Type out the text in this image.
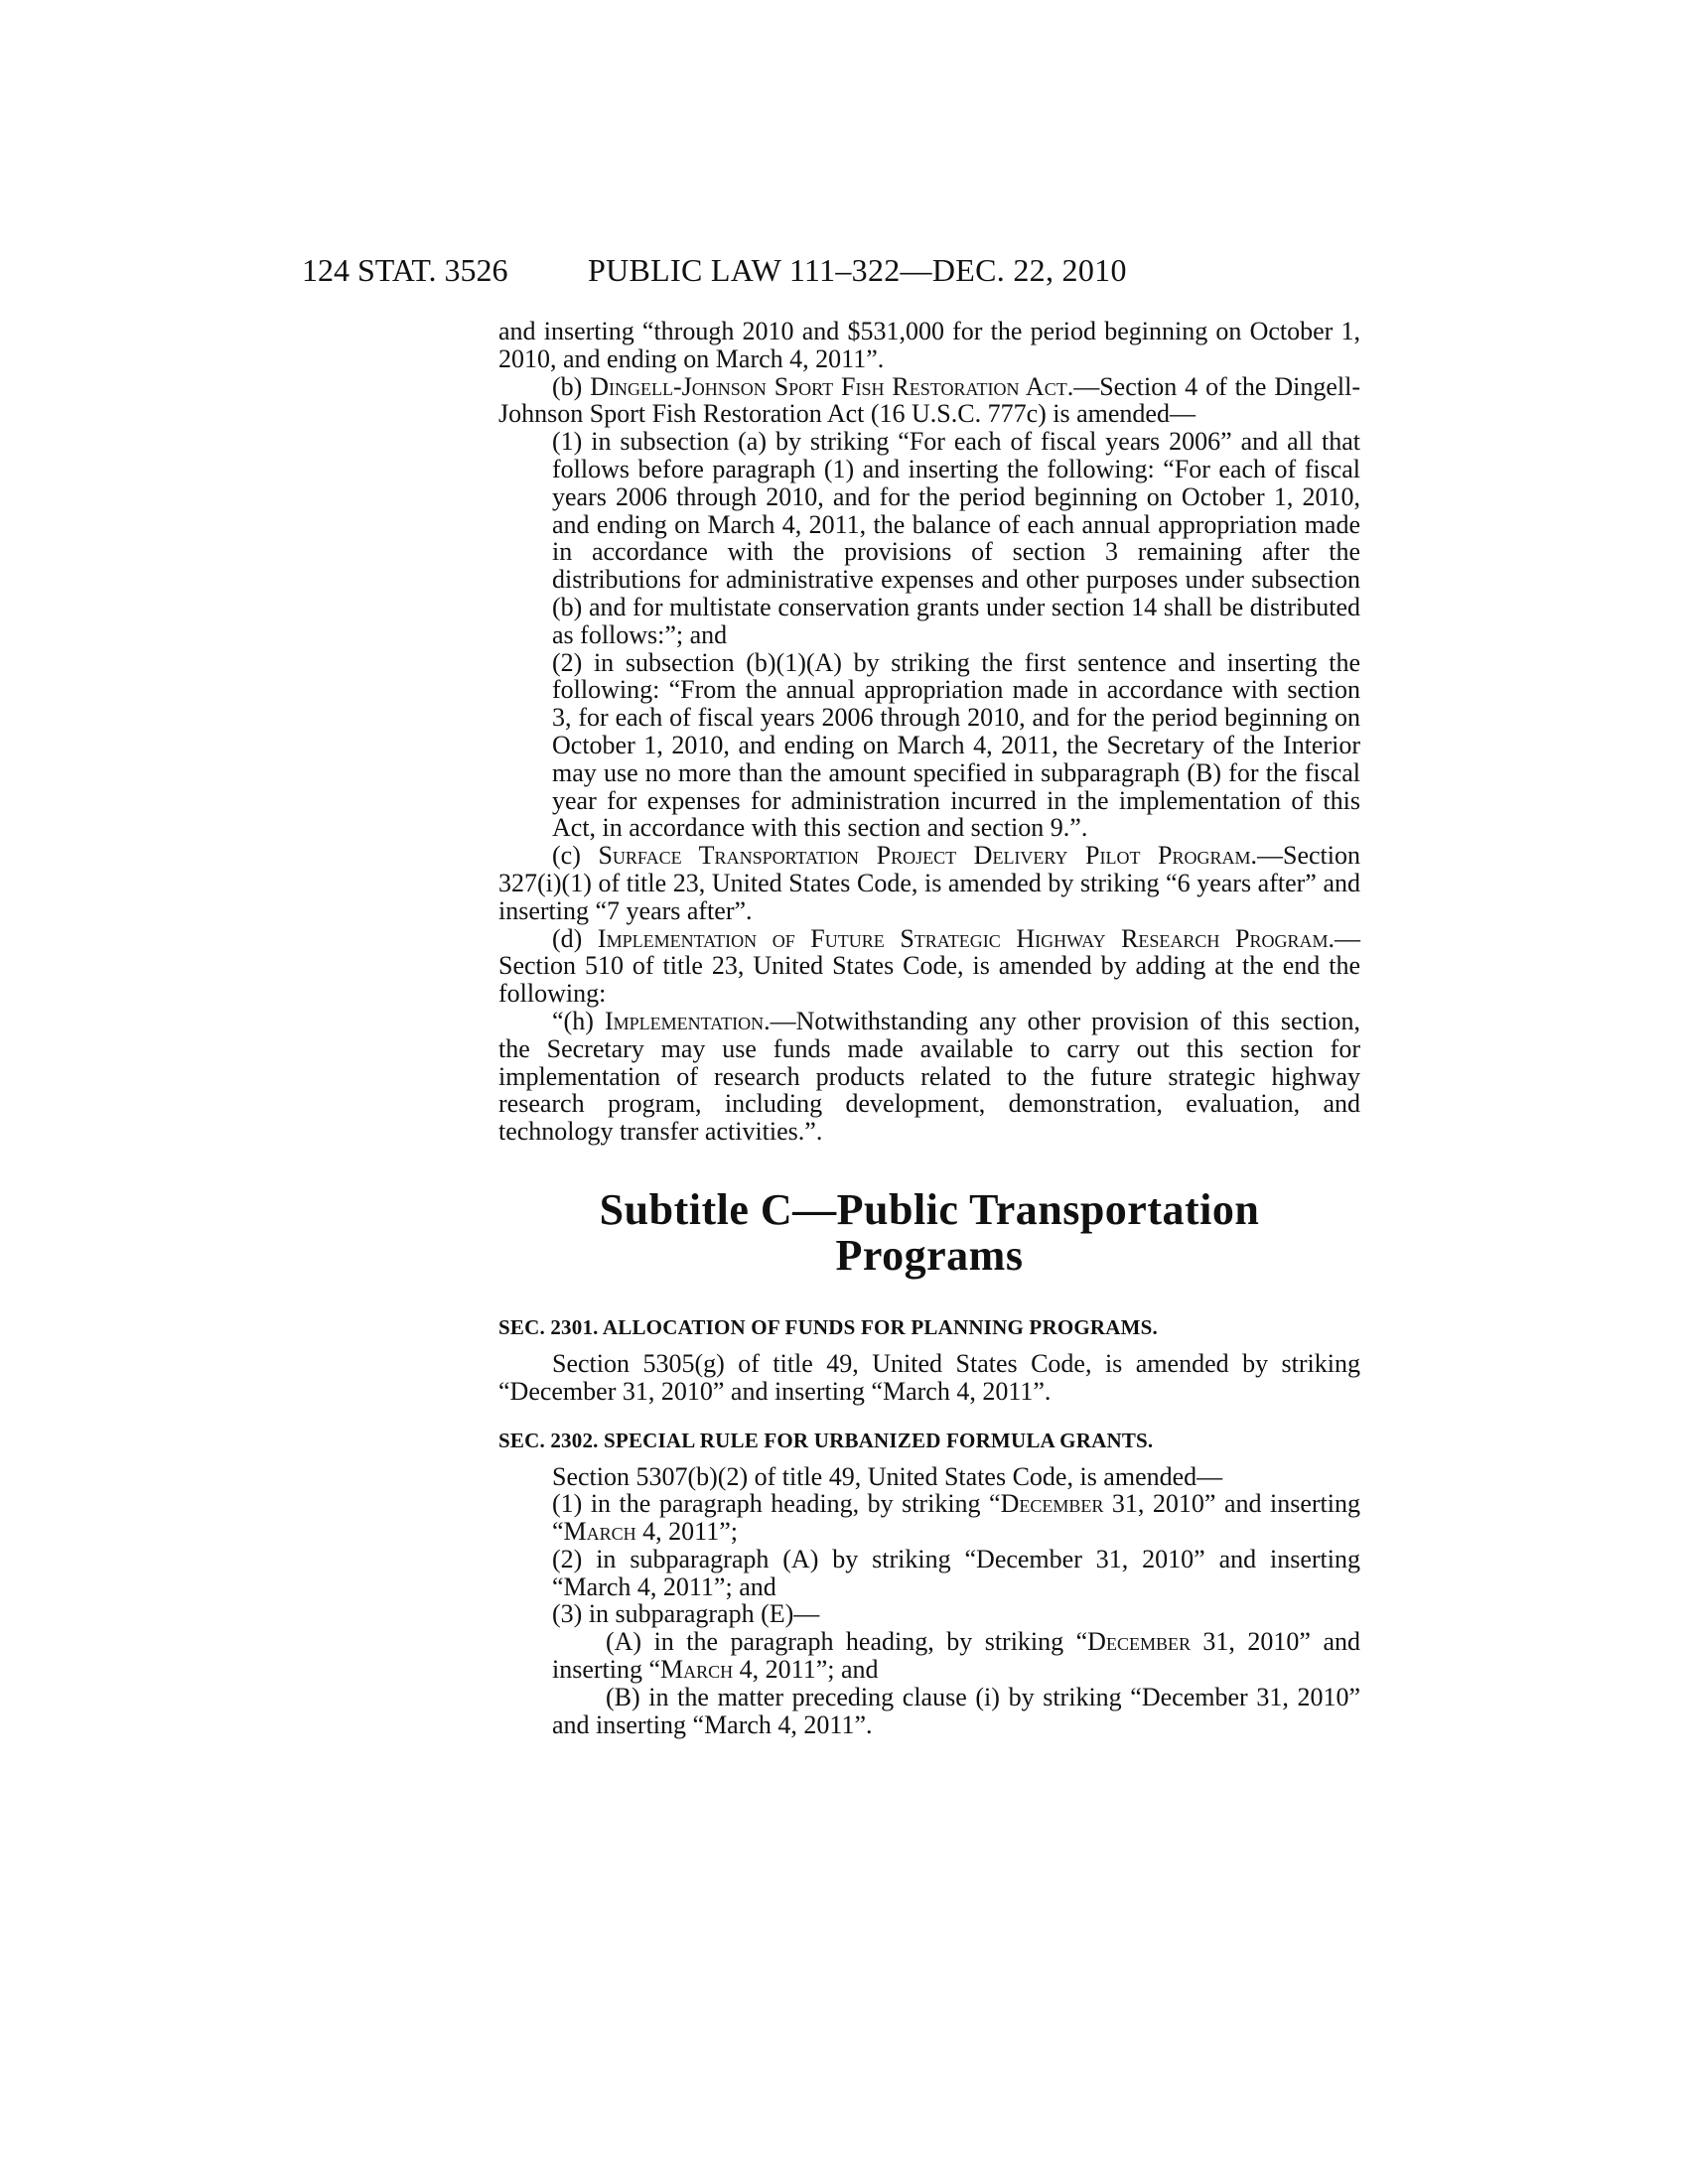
124 STAT. 3526	PUBLIC LAW 111–322—DEC. 22, 2010

and inserting “through 2010 and $531,000 for the period beginning on October 1, 2010, and ending on March 4, 2011”.

(b) Dingell-Johnson Sport Fish Restoration Act.—Section 4 of the Dingell-Johnson Sport Fish Restoration Act (16 U.S.C. 777c) is amended—

(1) in subsection (a) by striking “For each of fiscal years 2006” and all that follows before paragraph (1) and inserting the following: “For each of fiscal years 2006 through 2010, and for the period beginning on October 1, 2010, and ending on March 4, 2011, the balance of each annual appropriation made in accordance with the provisions of section 3 remaining after the distributions for administrative expenses and other purposes under subsection (b) and for multistate conservation grants under section 14 shall be distributed as follows:”; and

(2) in subsection (b)(1)(A) by striking the first sentence and inserting the following: “From the annual appropriation made in accordance with section 3, for each of fiscal years 2006 through 2010, and for the period beginning on October 1, 2010, and ending on March 4, 2011, the Secretary of the Interior may use no more than the amount specified in subparagraph (B) for the fiscal year for expenses for administration incurred in the implementation of this Act, in accordance with this section and section 9.”.

(c) Surface Transportation Project Delivery Pilot Program.—Section 327(i)(1) of title 23, United States Code, is amended by striking “6 years after” and inserting “7 years after”.

(d) Implementation of Future Strategic Highway Research Program.—Section 510 of title 23, United States Code, is amended by adding at the end the following:

“(h) Implementation.—Notwithstanding any other provision of this section, the Secretary may use funds made available to carry out this section for implementation of research products related to the future strategic highway research program, including development, demonstration, evaluation, and technology transfer activities.”.

Subtitle C—Public Transportation
Programs
SEC. 2301. ALLOCATION OF FUNDS FOR PLANNING PROGRAMS.

Section 5305(g) of title 49, United States Code, is amended by striking “December 31, 2010” and inserting “March 4, 2011”.

SEC. 2302. SPECIAL RULE FOR URBANIZED FORMULA GRANTS.

Section 5307(b)(2) of title 49, United States Code, is amended—

(1) in the paragraph heading, by striking “December 31, 2010” and inserting “March 4, 2011”;

(2) in subparagraph (A) by striking “December 31, 2010” and inserting “March 4, 2011”; and

(3) in subparagraph (E)—

(A) in the paragraph heading, by striking “December 31, 2010” and inserting “March 4, 2011”; and

(B) in the matter preceding clause (i) by striking “December 31, 2010” and inserting “March 4, 2011”.
